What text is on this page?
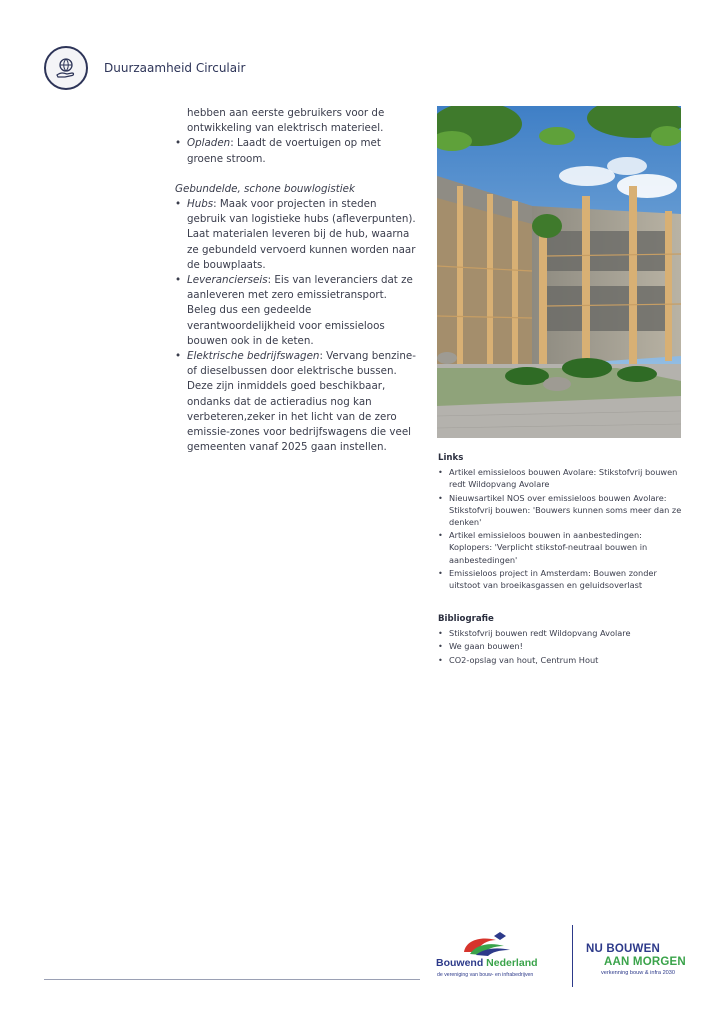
Duurzaamheid Circulair

hebben aan eerste gebruikers voor de

ontwikkeling van elektrisch materieel.

• Opladen: Laadt de voertuigen op met groene stroom.

Gebundelde, schone bouwlogistiek

• Hubs: Maak voor projecten in steden gebruik van logistieke hubs (afleverpunten). Laat materialen leveren bij de hub, waarna ze gebundeld vervoerd kunnen worden naar de bouwplaats.
• Leverancierseis: Eis van leveranciers dat ze aanleveren met zero emissietransport. Beleg dus een gedeelde verantwoordelijkheid voor emissieloos bouwen ook in de keten.
• Elektrische bedrijfswagen: Vervang benzine- of dieselbussen door elektrische bussen. Deze zijn inmiddels goed beschikbaar, ondanks dat de actieradius nog kan verbeteren,zeker in het licht van de zero emissie-zones voor bedrijfswagens die veel gemeenten vanaf 2025 gaan instellen.
Links
• Artikel emissieloos bouwen Avolare: Stikstofvrij bouwen redt Wildopvang Avolare
• Nieuwsartikel NOS over emissieloos bouwen Avolare: Stikstofvrij bouwen: 'Bouwers kunnen soms meer dan ze denken'
• Artikel emissieloos bouwen in aanbestedingen: Koplopers: 'Verplicht stikstof-neutraal bouwen in aanbestedingen'
• Emissieloos project in Amsterdam: Bouwen zonder uitstoot van broeikasgassen en geluidsoverlast
Bibliografie
• Stikstofvrij bouwen redt Wildopvang Avolare
• We gaan bouwen!
• CO2-opslag van hout, Centrum Hout
Bouwend Nederland
de vereniging van bouw- en infrabedrijven
NU BOUWEN
AAN MORGEN
verkenning bouw & infra 2030
